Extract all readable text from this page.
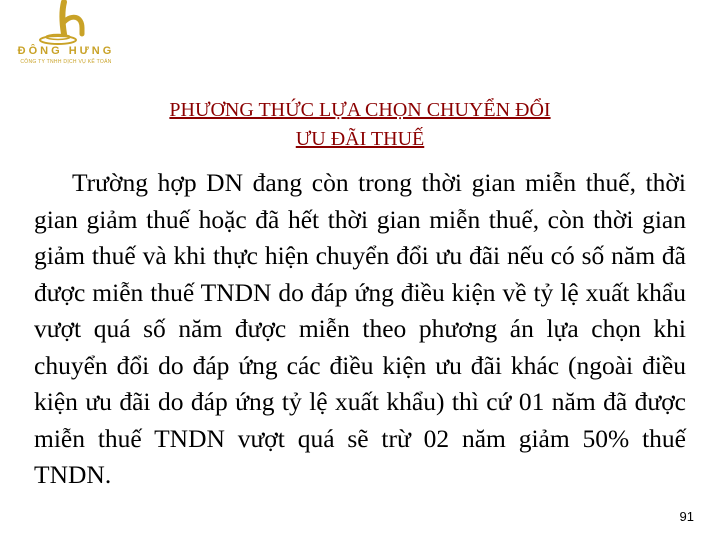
ĐÔNG HƯNG
CÔNG TY TNHH DỊCH VỤ KẾ TOÁN
PHƯƠNG THỨC LỰA CHỌN CHUYỂN ĐỔI
ƯU ĐÃI THUẾ
Trường hợp DN đang còn trong thời gian miễn thuế, thời gian giảm thuế hoặc đã hết thời gian miễn thuế, còn thời gian giảm thuế và khi thực hiện chuyển đổi ưu đãi nếu có số năm đã được miễn thuế TNDN do đáp ứng điều kiện về tỷ lệ xuất khẩu vượt quá số năm được miễn theo phương án lựa chọn khi chuyển đổi do đáp ứng các điều kiện ưu đãi khác (ngoài điều kiện ưu đãi do đáp ứng tỷ lệ xuất khẩu) thì cứ 01 năm đã được miễn thuế TNDN vượt quá sẽ trừ 02 năm giảm 50% thuế TNDN.
91
